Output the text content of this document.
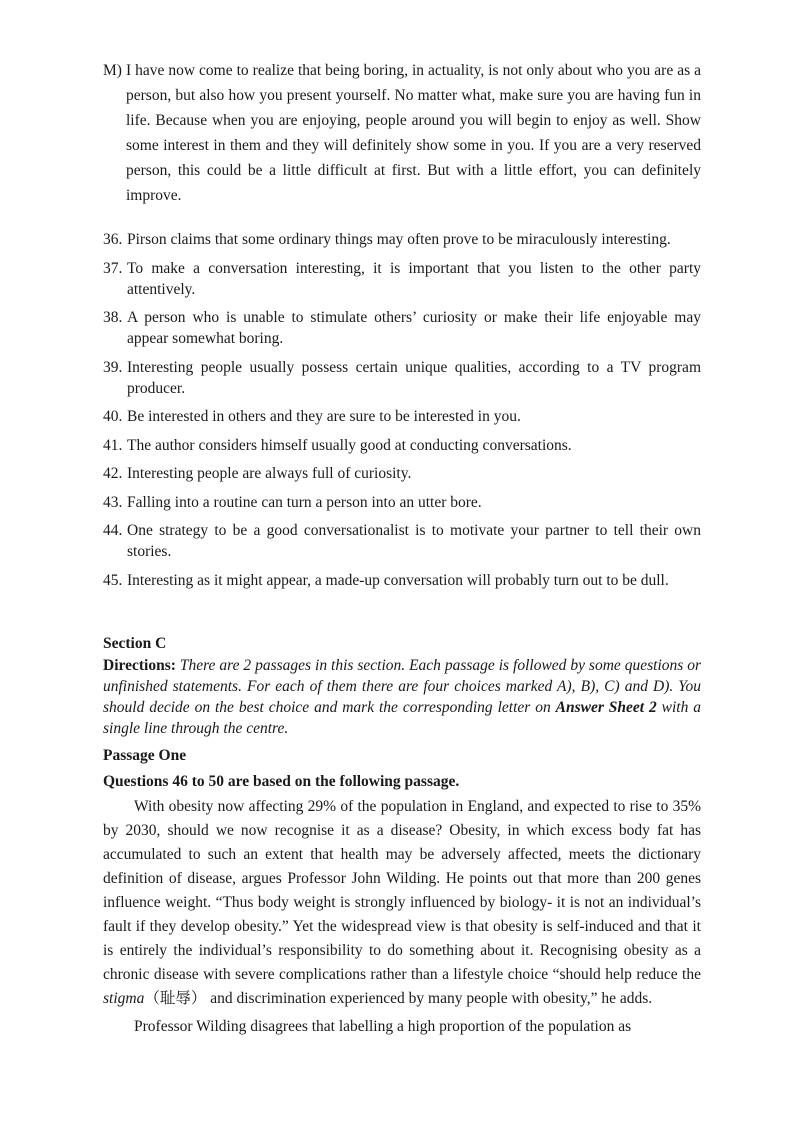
M) I have now come to realize that being boring, in actuality, is not only about who you are as a person, but also how you present yourself. No matter what, make sure you are having fun in life. Because when you are enjoying, people around you will begin to enjoy as well. Show some interest in them and they will definitely show some in you. If you are a very reserved person, this could be a little difficult at first. But with a little effort, you can definitely improve.

36. Pirson claims that some ordinary things may often prove to be miraculously interesting.
37. To make a conversation interesting, it is important that you listen to the other party attentively.
38. A person who is unable to stimulate others’ curiosity or make their life enjoyable may appear somewhat boring.
39. Interesting people usually possess certain unique qualities, according to a TV program producer.
40. Be interested in others and they are sure to be interested in you.
41. The author considers himself usually good at conducting conversations.
42. Interesting people are always full of curiosity.
43. Falling into a routine can turn a person into an utter bore.
44. One strategy to be a good conversationalist is to motivate your partner to tell their own stories.
45. Interesting as it might appear, a made-up conversation will probably turn out to be dull.

Section C

Directions: There are 2 passages in this section. Each passage is followed by some questions or unfinished statements. For each of them there are four choices marked A), B), C) and D). You should decide on the best choice and mark the corresponding letter on Answer Sheet 2 with a single line through the centre.

Passage One

Questions 46 to 50 are based on the following passage.

With obesity now affecting 29% of the population in England, and expected to rise to 35% by 2030, should we now recognise it as a disease? Obesity, in which excess body fat has accumulated to such an extent that health may be adversely affected, meets the dictionary definition of disease, argues Professor John Wilding. He points out that more than 200 genes influence weight. “Thus body weight is strongly influenced by biology- it is not an individual’s fault if they develop obesity.” Yet the widespread view is that obesity is self-induced and that it is entirely the individual’s responsibility to do something about it. Recognising obesity as a chronic disease with severe complications rather than a lifestyle choice “should help reduce the stigma（耻辱） and discrimination experienced by many people with obesity,” he adds.

Professor Wilding disagrees that labelling a high proportion of the population as
